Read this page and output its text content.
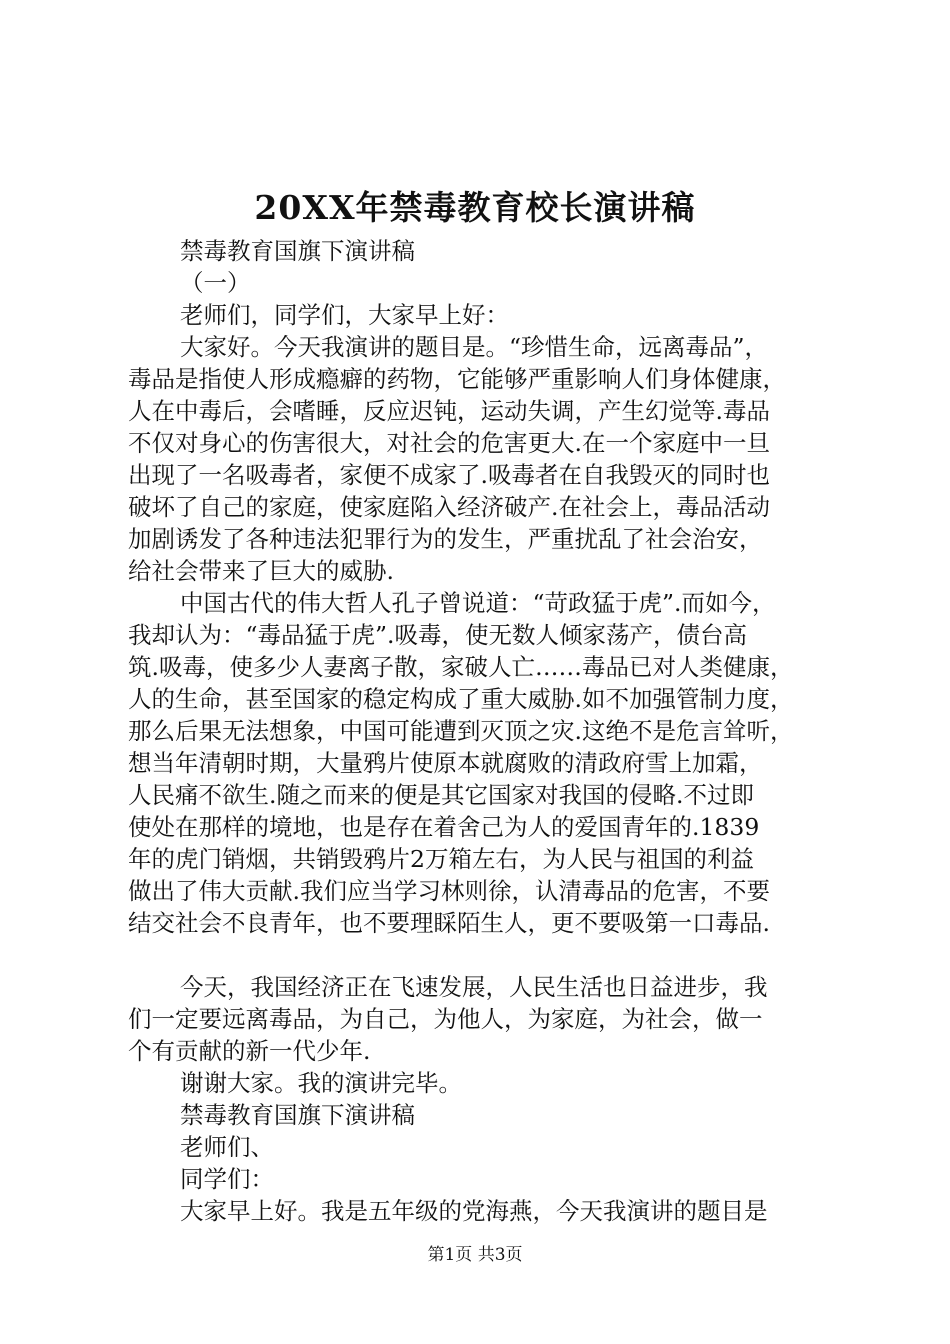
20XX年禁毒教育校长演讲稿
禁毒教育国旗下演讲稿
（一）
老师们，同学们，大家早上好：
大家好。今天我演讲的题目是。“珍惜生命，远离毒品”，
毒品是指使人形成瘾癖的药物，它能够严重影响人们身体健康，
人在中毒后，会嗜睡，反应迟钝，运动失调，产生幻觉等.毒品
不仅对身心的伤害很大，对社会的危害更大.在一个家庭中一旦
出现了一名吸毒者，家便不成家了.吸毒者在自我毁灭的同时也
破坏了自己的家庭，使家庭陷入经济破产.在社会上，毒品活动
加剧诱发了各种违法犯罪行为的发生，严重扰乱了社会治安，
给社会带来了巨大的威胁.
中国古代的伟大哲人孔子曾说道：“苛政猛于虎”.而如今，
我却认为：“毒品猛于虎”.吸毒，使无数人倾家荡产，债台高
筑.吸毒，使多少人妻离子散，家破人亡……毒品已对人类健康，
人的生命，甚至国家的稳定构成了重大威胁.如不加强管制力度，
那么后果无法想象，中国可能遭到灭顶之灾.这绝不是危言耸听，
想当年清朝时期，大量鸦片使原本就腐败的清政府雪上加霜，
人民痛不欲生.随之而来的便是其它国家对我国的侵略.不过即
使处在那样的境地，也是存在着舍己为人的爱国青年的.1839
年的虎门销烟，共销毁鸦片2万箱左右，为人民与祖国的利益
做出了伟大贡献.我们应当学习林则徐，认清毒品的危害，不要
结交社会不良青年，也不要理睬陌生人，更不要吸第一口毒品.
今天，我国经济正在飞速发展，人民生活也日益进步，我
们一定要远离毒品，为自己，为他人，为家庭，为社会，做一
个有贡献的新一代少年.
谢谢大家。我的演讲完毕。
禁毒教育国旗下演讲稿
老师们、
同学们：
大家早上好。我是五年级的党海燕，今天我演讲的题目是
第1页 共3页
